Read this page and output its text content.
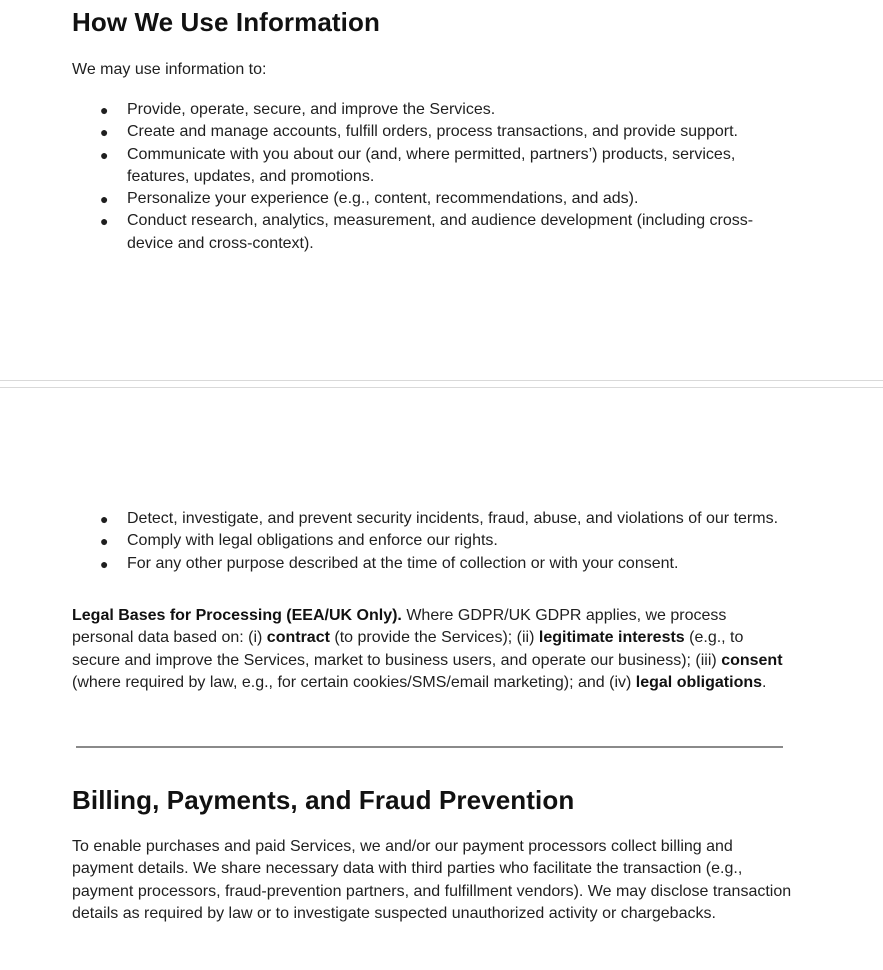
How We Use Information

We may use information to:

● Provide, operate, secure, and improve the Services.
● Create and manage accounts, fulfill orders, process transactions, and provide support.
● Communicate with you about our (and, where permitted, partners’) products, services, features, updates, and promotions.
● Personalize your experience (e.g., content, recommendations, and ads).
● Conduct research, analytics, measurement, and audience development (including cross-device and cross-context).
● Detect, investigate, and prevent security incidents, fraud, abuse, and violations of our terms.
● Comply with legal obligations and enforce our rights.
● For any other purpose described at the time of collection or with your consent.

Legal Bases for Processing (EEA/UK Only). Where GDPR/UK GDPR applies, we process personal data based on: (i) contract (to provide the Services); (ii) legitimate interests (e.g., to secure and improve the Services, market to business users, and operate our business); (iii) consent (where required by law, e.g., for certain cookies/SMS/email marketing); and (iv) legal obligations.

Billing, Payments, and Fraud Prevention

To enable purchases and paid Services, we and/or our payment processors collect billing and payment details. We share necessary data with third parties who facilitate the transaction (e.g., payment processors, fraud-prevention partners, and fulfillment vendors). We may disclose transaction details as required by law or to investigate suspected unauthorized activity or chargebacks.
